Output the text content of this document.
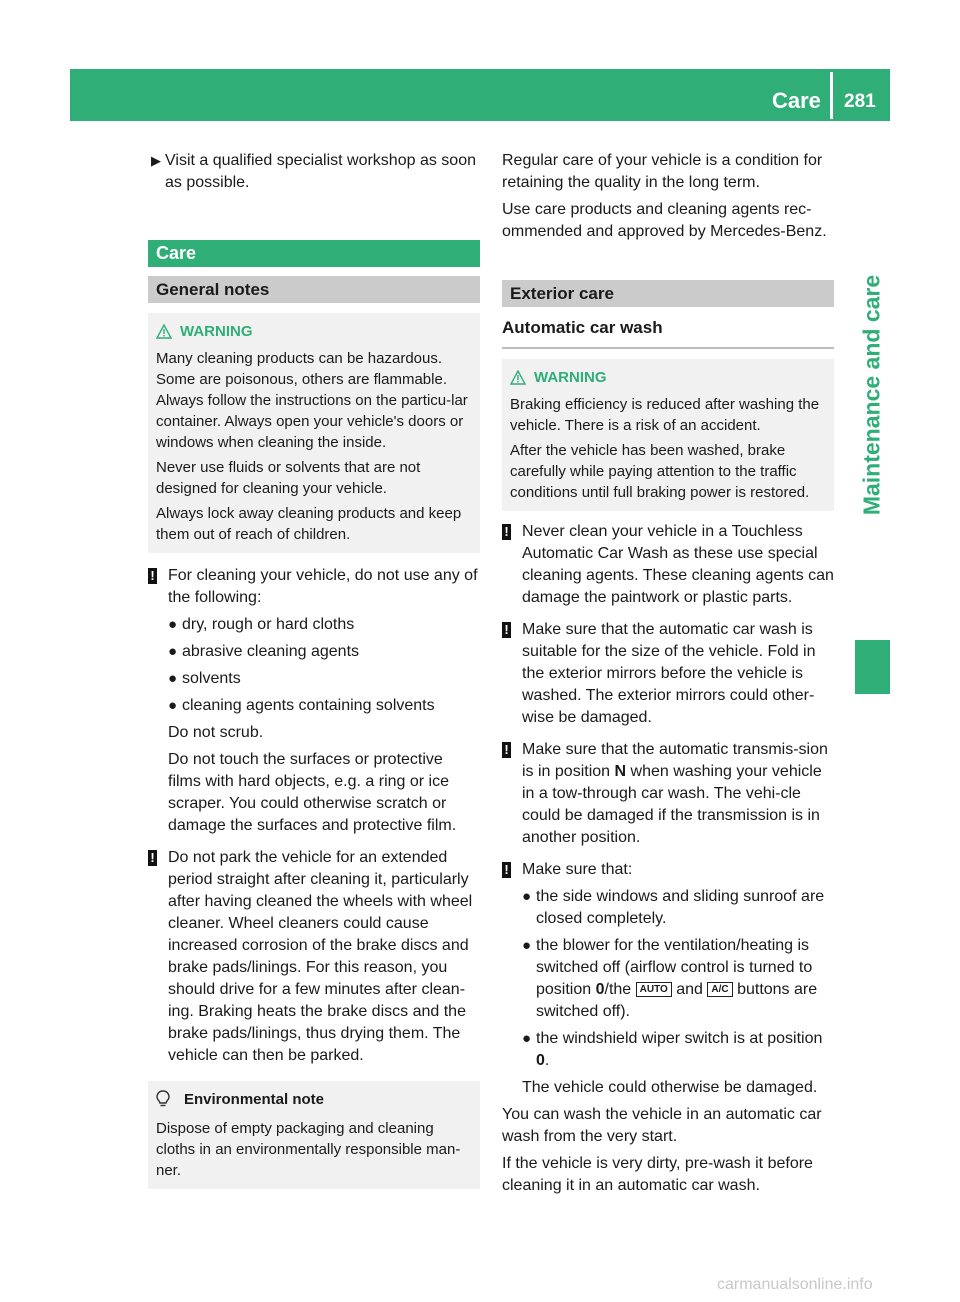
Care 281
Maintenance and care

▶ Visit a qualified specialist workshop as soon as possible.

Care
General notes
WARNING

Many cleaning products can be hazardous. Some are poisonous, others are flammable. Always follow the instructions on the particu-lar container. Always open your vehicle's doors or windows when cleaning the inside.

Never use fluids or solvents that are not designed for cleaning your vehicle.

Always lock away cleaning products and keep them out of reach of children.

! For cleaning your vehicle, do not use any of the following:

● dry, rough or hard cloths

● abrasive cleaning agents

● solvents

● cleaning agents containing solvents

Do not scrub.

Do not touch the surfaces or protective films with hard objects, e.g. a ring or ice scraper. You could otherwise scratch or damage the surfaces and protective film.

! Do not park the vehicle for an extended period straight after cleaning it, particularly after having cleaned the wheels with wheel cleaner. Wheel cleaners could cause increased corrosion of the brake discs and brake pads/linings. For this reason, you should drive for a few minutes after clean-ing. Braking heats the brake discs and the brake pads/linings, thus drying them. The vehicle can then be parked.

Environmental note

Dispose of empty packaging and cleaning cloths in an environmentally responsible man-ner.

Regular care of your vehicle is a condition for retaining the quality in the long term.

Use care products and cleaning agents rec-ommended and approved by Mercedes-Benz.

Exterior care

Automatic car wash

WARNING

Braking efficiency is reduced after washing the vehicle. There is a risk of an accident.

After the vehicle has been washed, brake carefully while paying attention to the traffic conditions until full braking power is restored.

! Never clean your vehicle in a Touchless Automatic Car Wash as these use special cleaning agents. These cleaning agents can damage the paintwork or plastic parts.

! Make sure that the automatic car wash is suitable for the size of the vehicle. Fold in the exterior mirrors before the vehicle is washed. The exterior mirrors could other-wise be damaged.

! Make sure that the automatic transmis-sion is in position N when washing your vehicle in a tow-through car wash. The vehi-cle could be damaged if the transmission is in another position.

! Make sure that:

● the side windows and sliding sunroof are closed completely.

● the blower for the ventilation/heating is switched off (airflow control is turned to position 0/the AUTO and A/C buttons are switched off).

● the windshield wiper switch is at position 0.

The vehicle could otherwise be damaged.

You can wash the vehicle in an automatic car wash from the very start.

If the vehicle is very dirty, pre-wash it before cleaning it in an automatic car wash.

carmanualsonline.info
